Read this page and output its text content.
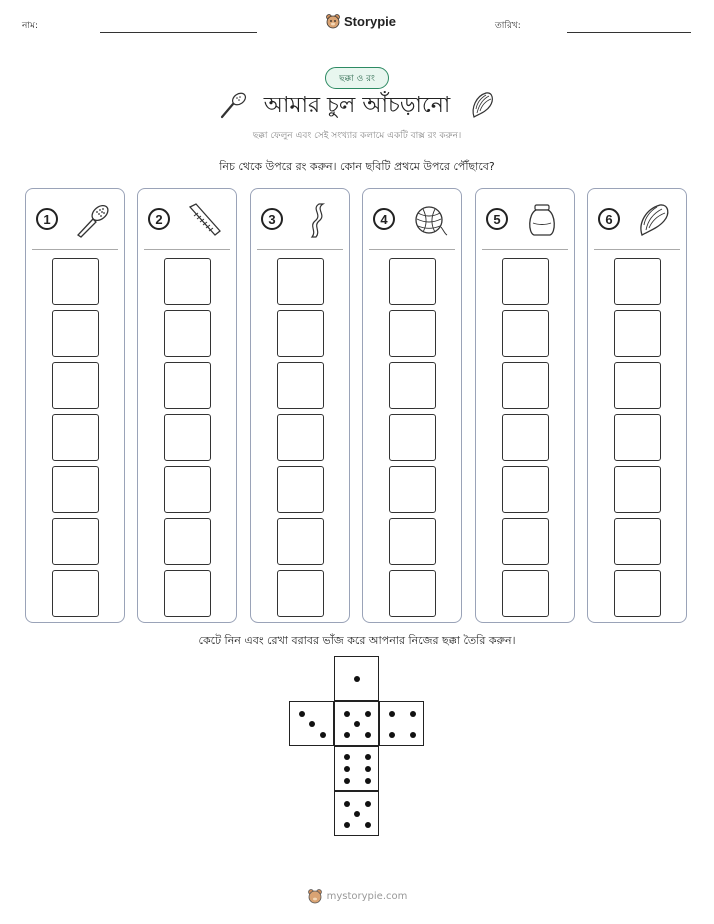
নাম:	Storypie	তারিখ:
ছক্কা ও রং
আমার চুল আঁচড়ানো
ছক্কা ফেলুন এবং সেই সংখ্যার কলামে একটি বাক্স রং করুন।
নিচ থেকে উপরে রং করুন। কোন ছবিটি প্রথমে উপরে পৌঁছাবে?
1	2	3	4	5	6
কেটে নিন এবং রেখা বরাবর ভাঁজ করে আপনার নিজের ছক্কা তৈরি করুন।
mystorypie.com
